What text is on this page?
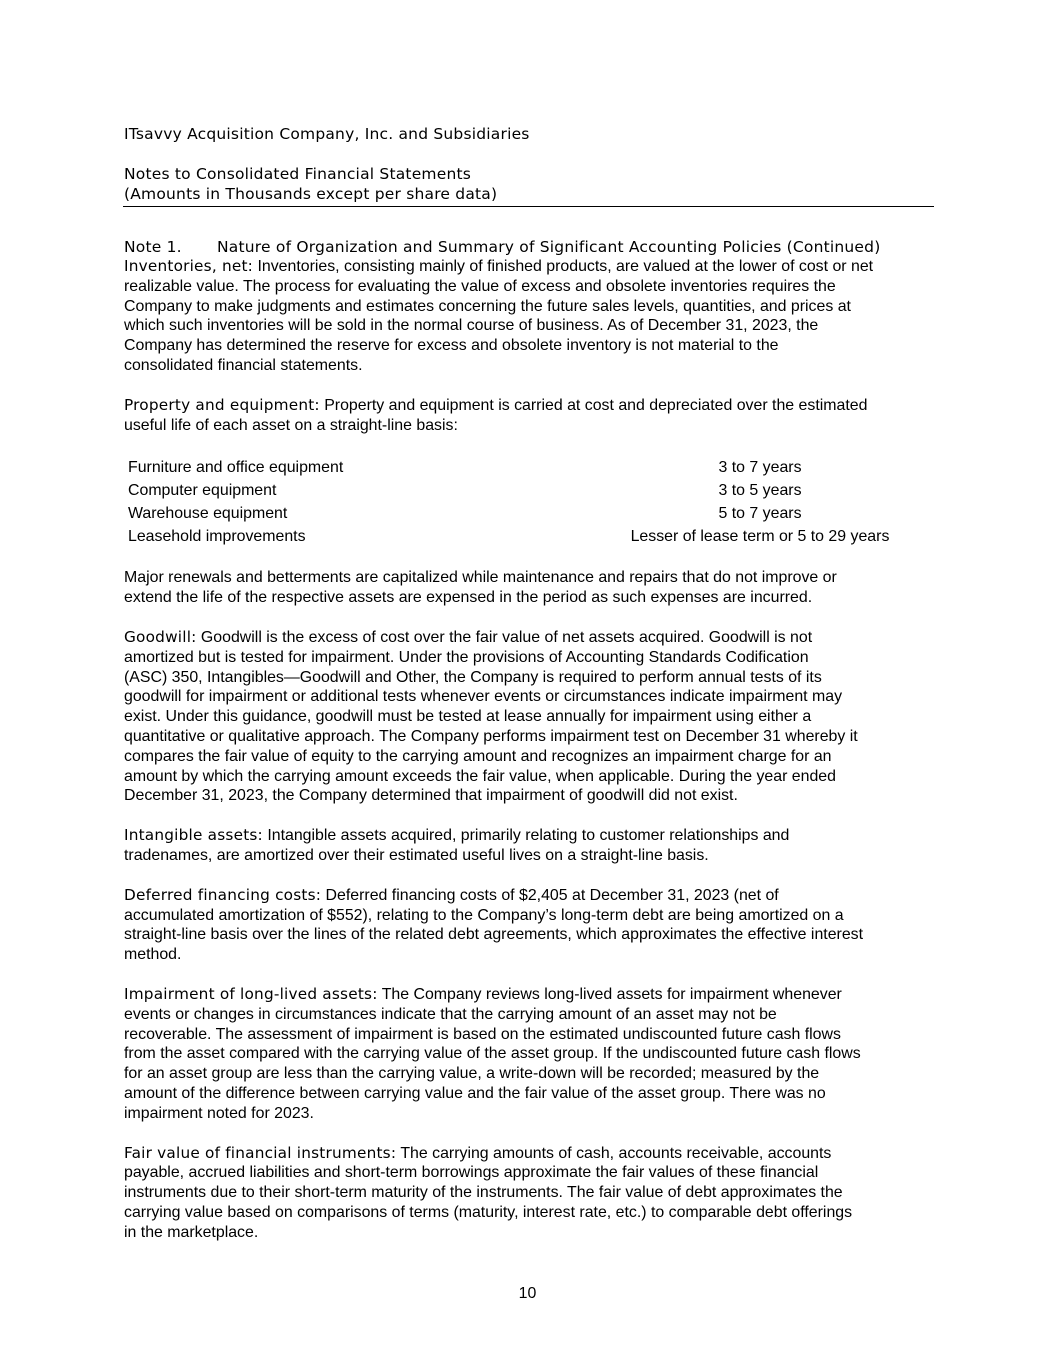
ITsavvy Acquisition Company, Inc. and Subsidiaries
Notes to Consolidated Financial Statements
(Amounts in Thousands except per share data)
Note 1. Nature of Organization and Summary of Significant Accounting Policies (Continued)

Inventories, net: Inventories, consisting mainly of finished products, are valued at the lower of cost or net
realizable value. The process for evaluating the value of excess and obsolete inventories requires the
Company to make judgments and estimates concerning the future sales levels, quantities, and prices at
which such inventories will be sold in the normal course of business. As of December 31, 2023, the
Company has determined the reserve for excess and obsolete inventory is not material to the
consolidated financial statements.

Property and equipment: Property and equipment is carried at cost and depreciated over the estimated
useful life of each asset on a straight-line basis:

Furniture and office equipment	3 to 7 years
Computer equipment	3 to 5 years
Warehouse equipment	5 to 7 years
Leasehold improvements	Lesser of lease term or 5 to 29 years

Major renewals and betterments are capitalized while maintenance and repairs that do not improve or
extend the life of the respective assets are expensed in the period as such expenses are incurred.

Goodwill: Goodwill is the excess of cost over the fair value of net assets acquired. Goodwill is not
amortized but is tested for impairment. Under the provisions of Accounting Standards Codification
(ASC) 350, Intangibles—Goodwill and Other, the Company is required to perform annual tests of its
goodwill for impairment or additional tests whenever events or circumstances indicate impairment may
exist. Under this guidance, goodwill must be tested at lease annually for impairment using either a
quantitative or qualitative approach. The Company performs impairment test on December 31 whereby it
compares the fair value of equity to the carrying amount and recognizes an impairment charge for an
amount by which the carrying amount exceeds the fair value, when applicable. During the year ended
December 31, 2023, the Company determined that impairment of goodwill did not exist.

Intangible assets: Intangible assets acquired, primarily relating to customer relationships and
tradenames, are amortized over their estimated useful lives on a straight-line basis.

Deferred financing costs: Deferred financing costs of $2,405 at December 31, 2023 (net of
accumulated amortization of $552), relating to the Company’s long-term debt are being amortized on a
straight-line basis over the lines of the related debt agreements, which approximates the effective interest
method.

Impairment of long-lived assets: The Company reviews long-lived assets for impairment whenever
events or changes in circumstances indicate that the carrying amount of an asset may not be
recoverable. The assessment of impairment is based on the estimated undiscounted future cash flows
from the asset compared with the carrying value of the asset group. If the undiscounted future cash flows
for an asset group are less than the carrying value, a write-down will be recorded; measured by the
amount of the difference between carrying value and the fair value of the asset group. There was no
impairment noted for 2023.

Fair value of financial instruments: The carrying amounts of cash, accounts receivable, accounts
payable, accrued liabilities and short-term borrowings approximate the fair values of these financial
instruments due to their short-term maturity of the instruments. The fair value of debt approximates the
carrying value based on comparisons of terms (maturity, interest rate, etc.) to comparable debt offerings
in the marketplace.

10
